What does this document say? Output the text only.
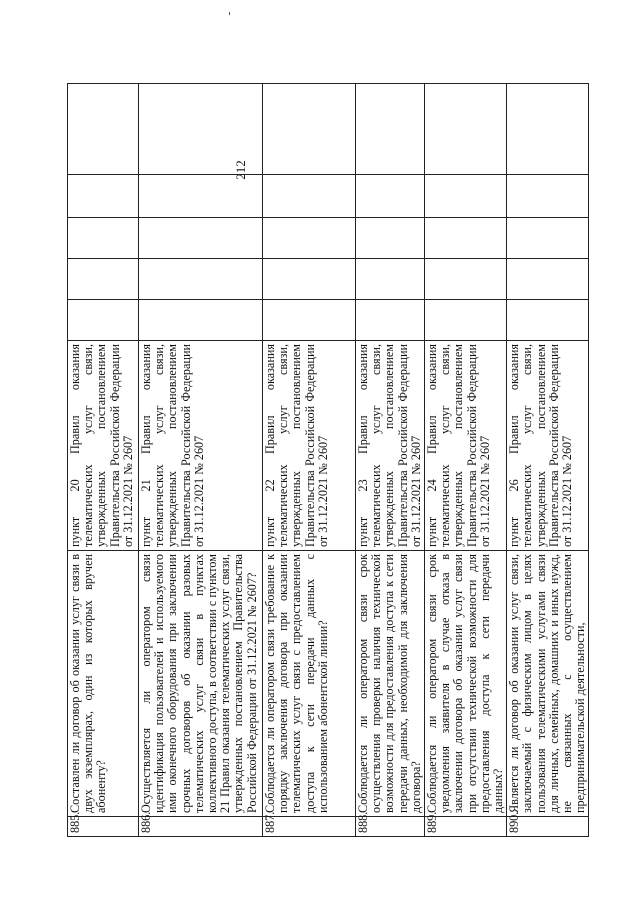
212
885.	Составлен ли договор об оказании услуг связи в двух экземплярах, один из которых вручен абоненту?	пункт 20 Правил оказания телематических услуг связи, утвержденных постановлением Правительства Российской Федерации от 31.12.2021 № 2607					
886.	Осуществляется ли оператором связи идентификация пользователей и используемого ими оконечного оборудования при заключении срочных договоров об оказании разовых телематических услуг связи в пунктах коллективного доступа, в соответствии с пунктом 21 Правил оказания телематических услуг связи, утвержденных постановлением Правительства Российской Федерации от 31.12.2021 № 2607?	пункт 21 Правил оказания телематических услуг связи, утвержденных постановлением Правительства Российской Федерации от 31.12.2021 № 2607					
887.	Соблюдается ли оператором связи требование к порядку заключения договора при оказании телематических услуг связи с предоставлением доступа к сети передачи данных с использованием абонентской линии?	пункт 22 Правил оказания телематических услуг связи, утвержденных постановлением Правительства Российской Федерации от 31.12.2021 № 2607					
888.	Соблюдается ли оператором связи срок осуществления проверки наличия технической возможности для предоставления доступа к сети передачи данных, необходимой для заключения договора?	пункт 23 Правил оказания телематических услуг связи, утвержденных постановлением Правительства Российской Федерации от 31.12.2021 № 2607					
889.	Соблюдается ли оператором связи срок уведомления заявителя в случае отказа в заключении договора об оказании услуг связи при отсутствии технической возможности для предоставления доступа к сети передачи данных?	пункт 24 Правил оказания телематических услуг связи, утвержденных постановлением Правительства Российской Федерации от 31.12.2021 № 2607					
890.	Является ли договор об оказании услуг связи, заключаемый с физическим лицом в целях пользования телематическими услугами связи для личных, семейных, домашних и иных нужд, не связанных с осуществлением предпринимательской деятельности,	пункт 26 Правил оказания телематических услуг связи, утвержденных постановлением Правительства Российской Федерации от 31.12.2021 № 2607					
